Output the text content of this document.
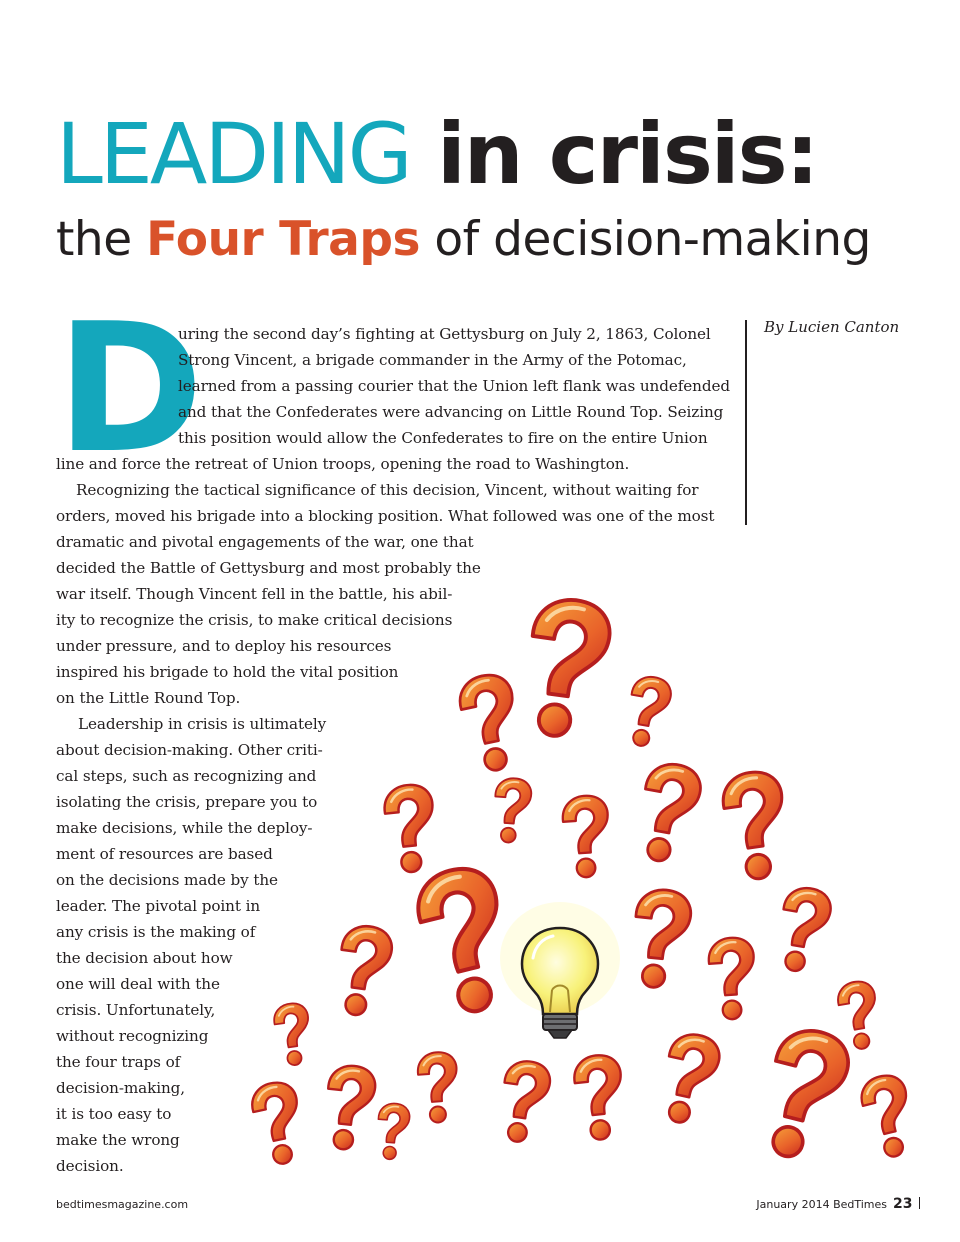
LEADING in crisis:
the Four Traps of decision-making
By Lucien Canton
D
uring the second day’s fighting at Gettysburg on July 2, 1863, Colonel
Strong Vincent, a brigade commander in the Army of the Potomac,
learned from a passing courier that the Union left flank was undefended
and that the Confederates were advancing on Little Round Top. Seizing
this position would allow the Confederates to fire on the entire Union
line and force the retreat of Union troops, opening the road to Washington.
Recognizing the tactical significance of this decision, Vincent, without waiting for
orders, moved his brigade into a blocking position. What followed was one of the most
dramatic and pivotal engagements of the war, one that
decided the Battle of Gettysburg and most probably the
war itself. Though Vincent fell in the battle, his abil-
ity to recognize the crisis, to make critical decisions
under pressure, and to deploy his resources
inspired his brigade to hold the vital position
on the Little Round Top.
Leadership in crisis is ultimately
about decision-making. Other criti-
cal steps, such as recognizing and
isolating the crisis, prepare you to
make decisions, while the deploy-
ment of resources are based
on the decisions made by the
leader. The pivotal point in
any crisis is the making of
the decision about how
one will deal with the
crisis. Unfortunately,
without recognizing
the four traps of
decision-making,
it is too easy to
make the wrong
decision.
bedtimesmagazine.com	January 2014 BedTimes 23
